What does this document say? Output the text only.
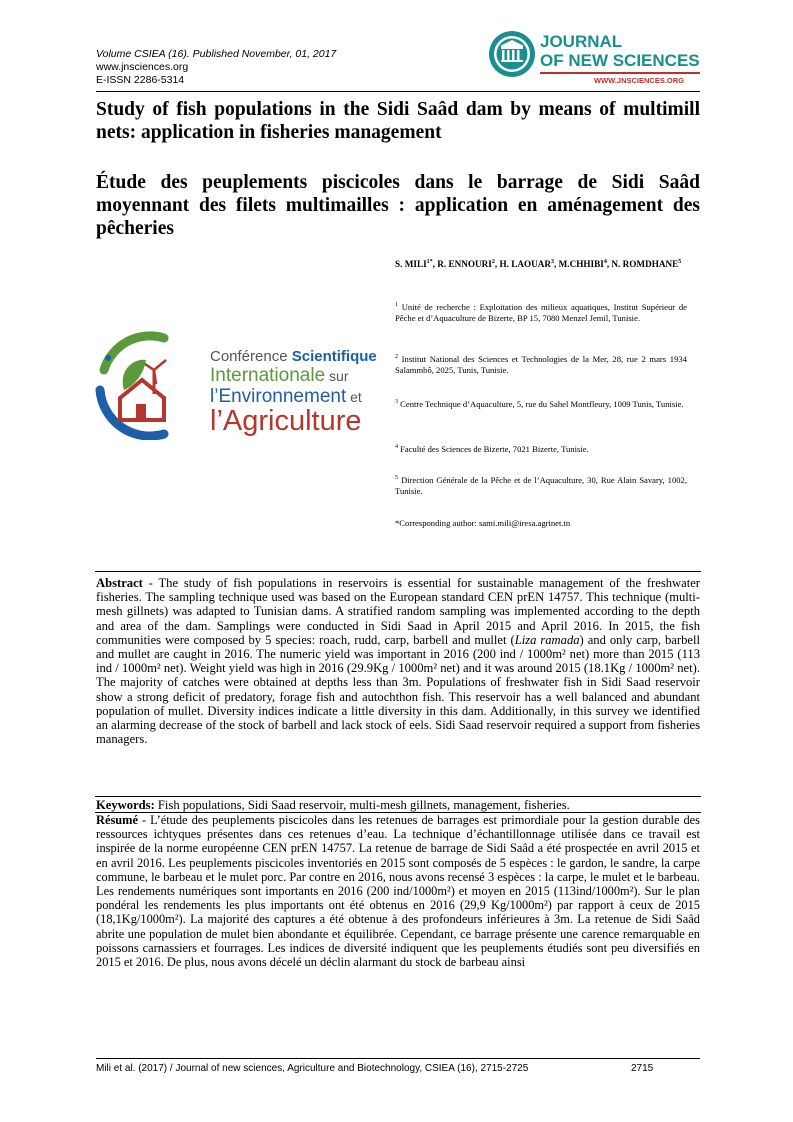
Volume CSIEA (16). Published November, 01, 2017
www.jnsciences.org
E-ISSN 2286-5314
JOURNAL
OF NEW SCIENCES
WWW.JNSCIENCES.ORG
Study of fish populations in the Sidi Saâd dam by means of multimill nets: application in fisheries management
Étude des peuplements piscicoles dans le barrage de Sidi Saâd moyennant des filets multimailles : application en aménagement des pêcheries
Conférence Scientifique
Internationale sur
l’Environnement et
l’Agriculture
S. $MILI^{1*}$, R. ENNOURI$^2$, H. LAOUAR$^3$, M.CHHIBI$^4$, N. ROMDHANE$^5$
$^1$ Unité de recherche : Exploitation des milieux aquatiques, Institut Supérieur de Pêche et d’Aquaculture de Bizerte, BP 15, 7080 Menzel Jemil, Tunisie.
$^2$ Institut National des Sciences et Technologies de la Mer, 28, rue 2 mars 1934 Salammbô, 2025, Tunis, Tunisie.
$^3$ Centre Technique d’Aquaculture, 5, rue du Sahel Montfleury, 1009 Tunis, Tunisie.
$^4$ Faculté des Sciences de Bizerte, 7021 Bizerte, Tunisie.
$^5$ Direction Générale de la Pêche et de l’Aquaculture, 30, Rue Alain Savary, 1002, Tunisie.
*Corresponding author: sami.mili@iresa.agrinet.tn
Abstract - The study of fish populations in reservoirs is essential for sustainable management of the freshwater fisheries. The sampling technique used was based on the European standard CEN prEN 14757. This technique (multi-mesh gillnets) was adapted to Tunisian dams. A stratified random sampling was implemented according to the depth and area of the dam. Samplings were conducted in Sidi Saad in April 2015 and April 2016. In 2015, the fish communities were composed by 5 species: roach, rudd, carp, barbell and mullet (Liza ramada) and only carp, barbell and mullet are caught in 2016. The numeric yield was important in 2016 (200 ind / 1000m² net) more than 2015 (113 ind / 1000m² net). Weight yield was high in 2016 (29.9Kg / 1000m² net) and it was around 2015 (18.1Kg / 1000m² net). The majority of catches were obtained at depths less than 3m. Populations of freshwater fish in Sidi Saad reservoir show a strong deficit of predatory, forage fish and autochthon fish. This reservoir has a well balanced and abundant population of mullet. Diversity indices indicate a little diversity in this dam. Additionally, in this survey we identified an alarming decrease of the stock of barbell and lack stock of eels. Sidi Saad reservoir required a support from fisheries managers.
Keywords: Fish populations, Sidi Saad reservoir, multi-mesh gillnets, management, fisheries.
Résumé - L’étude des peuplements piscicoles dans les retenues de barrages est primordiale pour la gestion durable des ressources ichtyques présentes dans ces retenues d’eau. La technique d’échantillonnage utilisée dans ce travail est inspirée de la norme européenne CEN prEN 14757. La retenue de barrage de Sidi Saâd a été prospectée en avril 2015 et en avril 2016. Les peuplements piscicoles inventoriés en 2015 sont composés de 5 espèces : le gardon, le sandre, la carpe commune, le barbeau et le mulet porc. Par contre en 2016, nous avons recensé 3 espèces : la carpe, le mulet et le barbeau. Les rendements numériques sont importants en 2016 (200 ind/1000m²) et moyen en 2015 (113ind/1000m²). Sur le plan pondéral les rendements les plus importants ont été obtenus en 2016 (29,9 Kg/1000m²) par rapport à ceux de 2015 (18,1Kg/1000m²). La majorité des captures a été obtenue à des profondeurs inférieures à 3m. La retenue de Sidi Saâd abrite une population de mulet bien abondante et équilibrée. Cependant, ce barrage présente une carence remarquable en poissons carnassiers et fourrages. Les indices de diversité indiquent que les peuplements étudiés sont peu diversifiés en 2015 et 2016. De plus, nous avons décelé un déclin alarmant du stock de barbeau ainsi
Mili et al. (2017) / Journal of new sciences, Agriculture and Biotechnology, CSIEA (16), 2715-2725	2715
